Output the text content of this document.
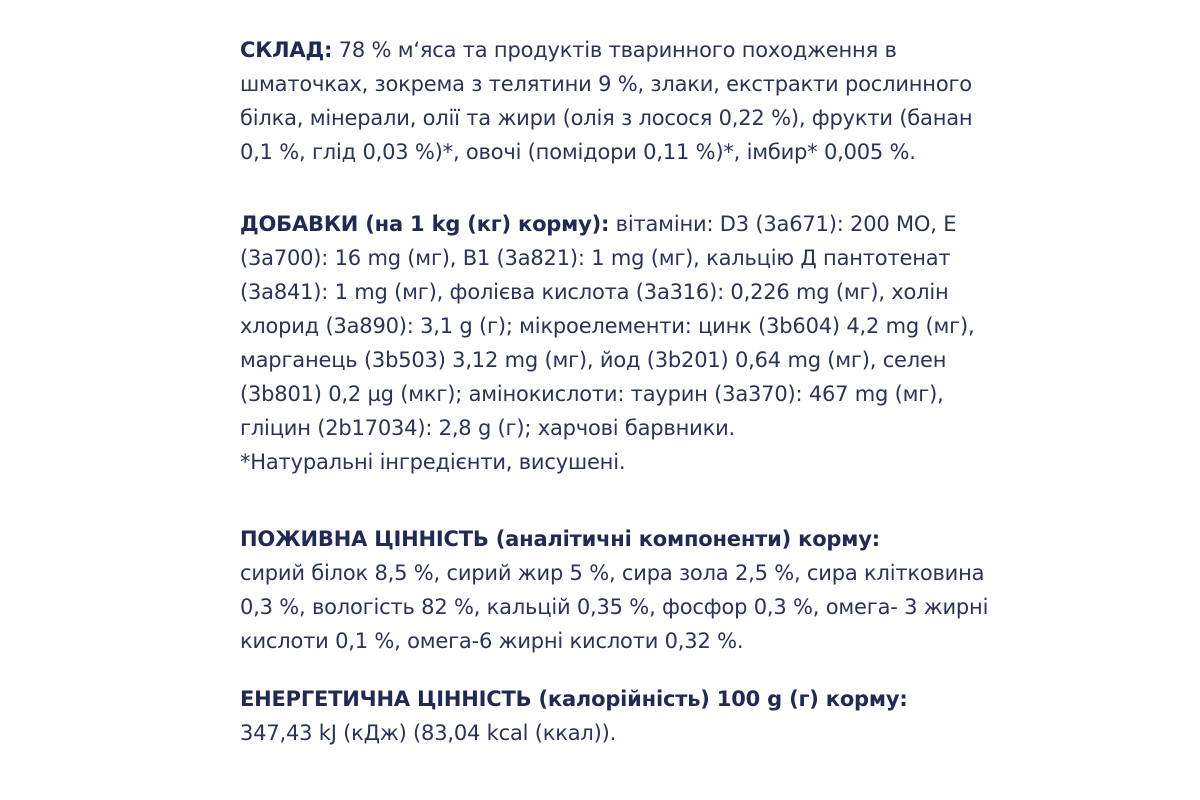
СКЛАД: 78 % м‘яса та продуктів тваринного походження в шматочках, зокрема з телятини 9 %, злаки, екстракти рослинного білка, мінерали, олії та жири (олія з лосося 0,22 %), фрукти (банан 0,1 %, глід 0,03 %)*, овочі (помідори 0,11 %)*, імбир* 0,005 %.

ДОБАВКИ (на 1 kg (кг) корму): вітаміни: D3 (3a671): 200 МО, Е (3a700): 16 mg (мг), В1 (3a821): 1 mg (мг), кальцію Д пантотенат (3a841): 1 mg (мг), фолієва кислота (3a316): 0,226 mg (мг), холін хлорид (3a890): 3,1 g (г); мікроелементи: цинк (3b604) 4,2 mg (мг), марганець (3b503) 3,12 mg (мг), йод (3b201) 0,64 mg (мг), селен (3b801) 0,2 µg (мкг); амінокислоти: таурин (3a370): 467 mg (мг), гліцин (2b17034): 2,8 g (г); харчові барвники.
*Натуральні інгредієнти, висушені.

ПОЖИВНА ЦІННІСТЬ (аналітичні компоненти) корму:
сирий білок 8,5 %, сирий жир 5 %, сира зола 2,5 %, сира клітковина 0,3 %, вологість 82 %, кальцій 0,35 %, фосфор 0,3 %, омега- 3 жирні кислоти 0,1 %, омега-6 жирні кислоти 0,32 %.

ЕНЕРГЕТИЧНА ЦІННІСТЬ (калорійність) 100 g (г) корму:
347,43 kJ (кДж) (83,04 kcal (ккал)).
